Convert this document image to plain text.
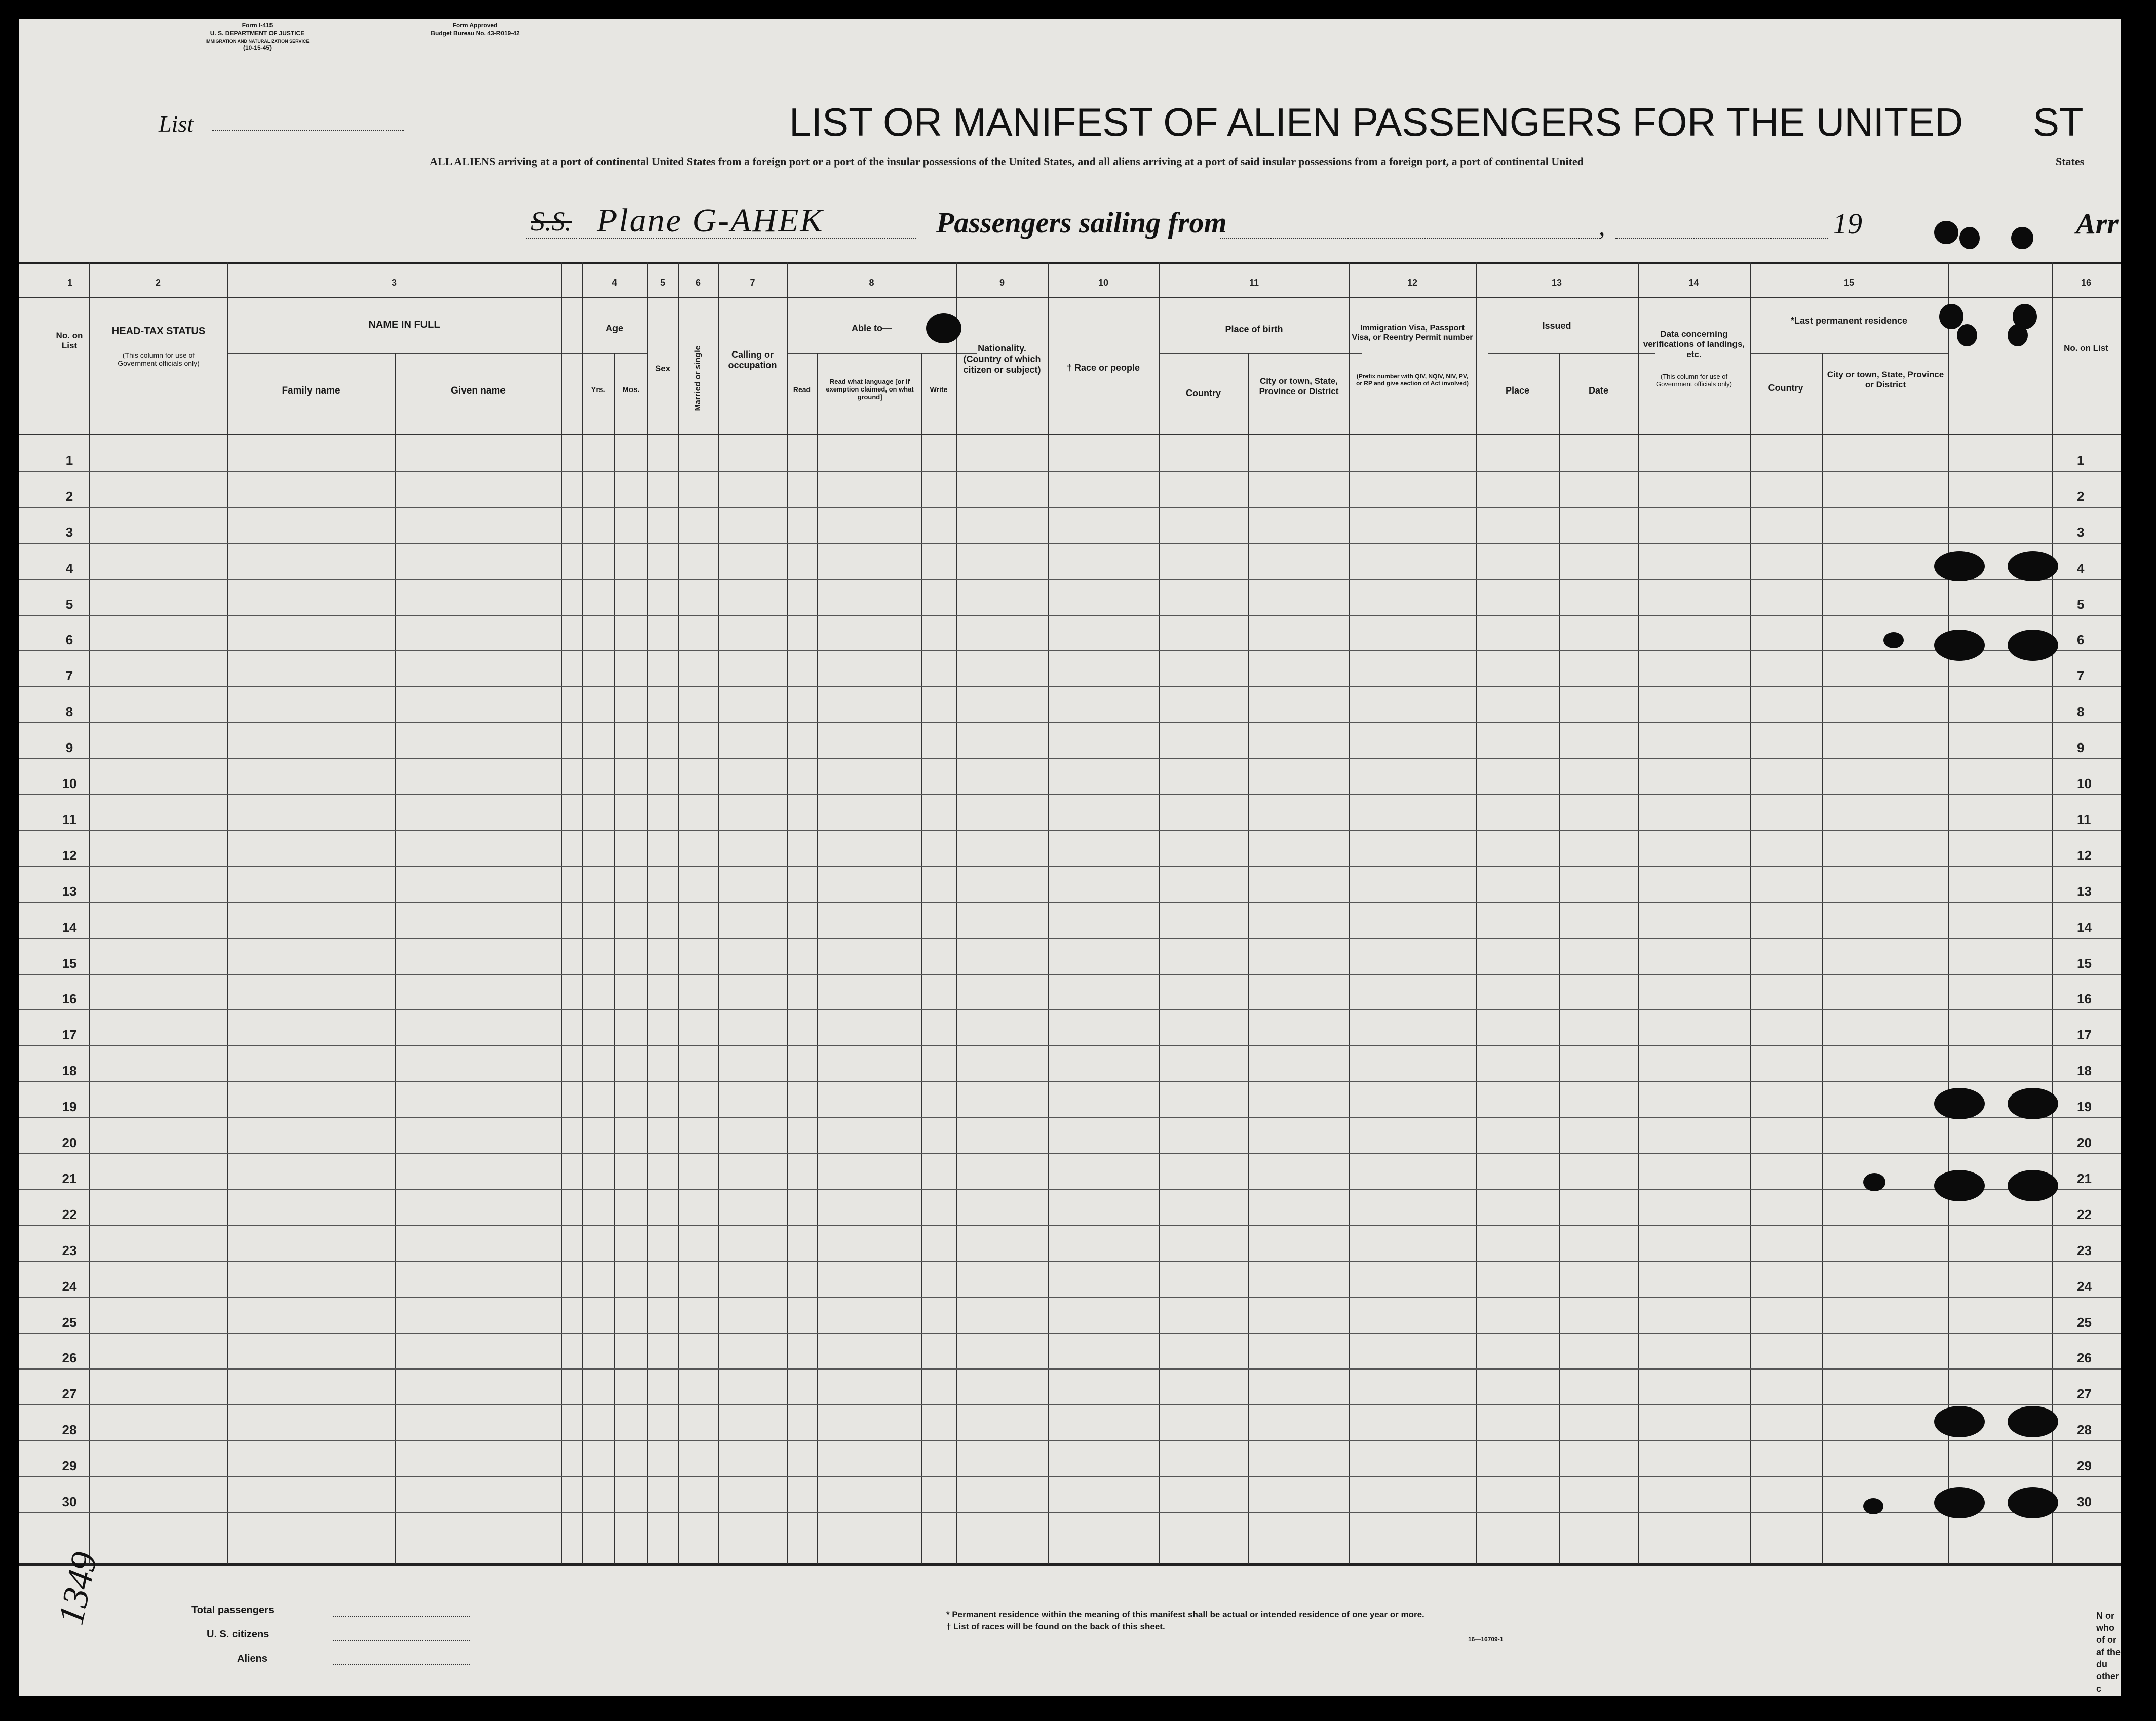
Form I-415
U. S. DEPARTMENT OF JUSTICE
IMMIGRATION AND NATURALIZATION SERVICE
(10-15-45)
Form Approved
Budget Bureau No. 43-R019-42
List	LIST OR MANIFEST OF ALIEN PASSENGERS FOR THE UNITED ST
ALL ALIENS arriving at a port of continental United States from a foreign port or a port of the insular possessions of the United States, and all aliens arriving at a port of said insular possessions from a foreign port, a port of continental United	States
S.S. Plane G-AHEK	Passengers sailing from	,	19	Arr
1	2	3	4	5	6	7	8	9	10	11	12	13	14	15	16
No. on List
HEAD-TAX STATUS
(This column for use of Government officials only)
NAME IN FULL
Family name	Given name
Age
Yrs.	Mos.
Sex	Married or single	Calling or occupation
Able to—
Read
Read what language [or if exemption claimed, on what ground]
Write
Nationality. (Country of which citizen or subject)	† Race or people
Place of birth
Country
City or town, State, Province or District
Immigration Visa, Passport Visa, or Reentry Permit number
(Prefix number with QIV, NQIV, NIV, PV, or RP and give section of Act involved)
Issued
Place	Date
Data concerning verifications of landings, etc.
(This column for use of Government officials only)
*Last permanent residence
Country
City or town, State, Province or District
No. on List
1	1
2	2
3	3
4	4
5	5
6	6
7	7
8	8
9	9
10	10
11	11
12	12
13	13
14	14
15	15
16	16
17	17
18	18
19	19
20	20
21	21
22	22
23	23
24	24
25	25
26	26
27	27
28	28
29	29
30	30
1349	Total passengers
U. S. citizens
Aliens
* Permanent residence within the meaning of this manifest shall be actual or intended residence of one year or more.
† List of races will be found on the back of this sheet.
16—16709-1
N or who of or af the du other c
